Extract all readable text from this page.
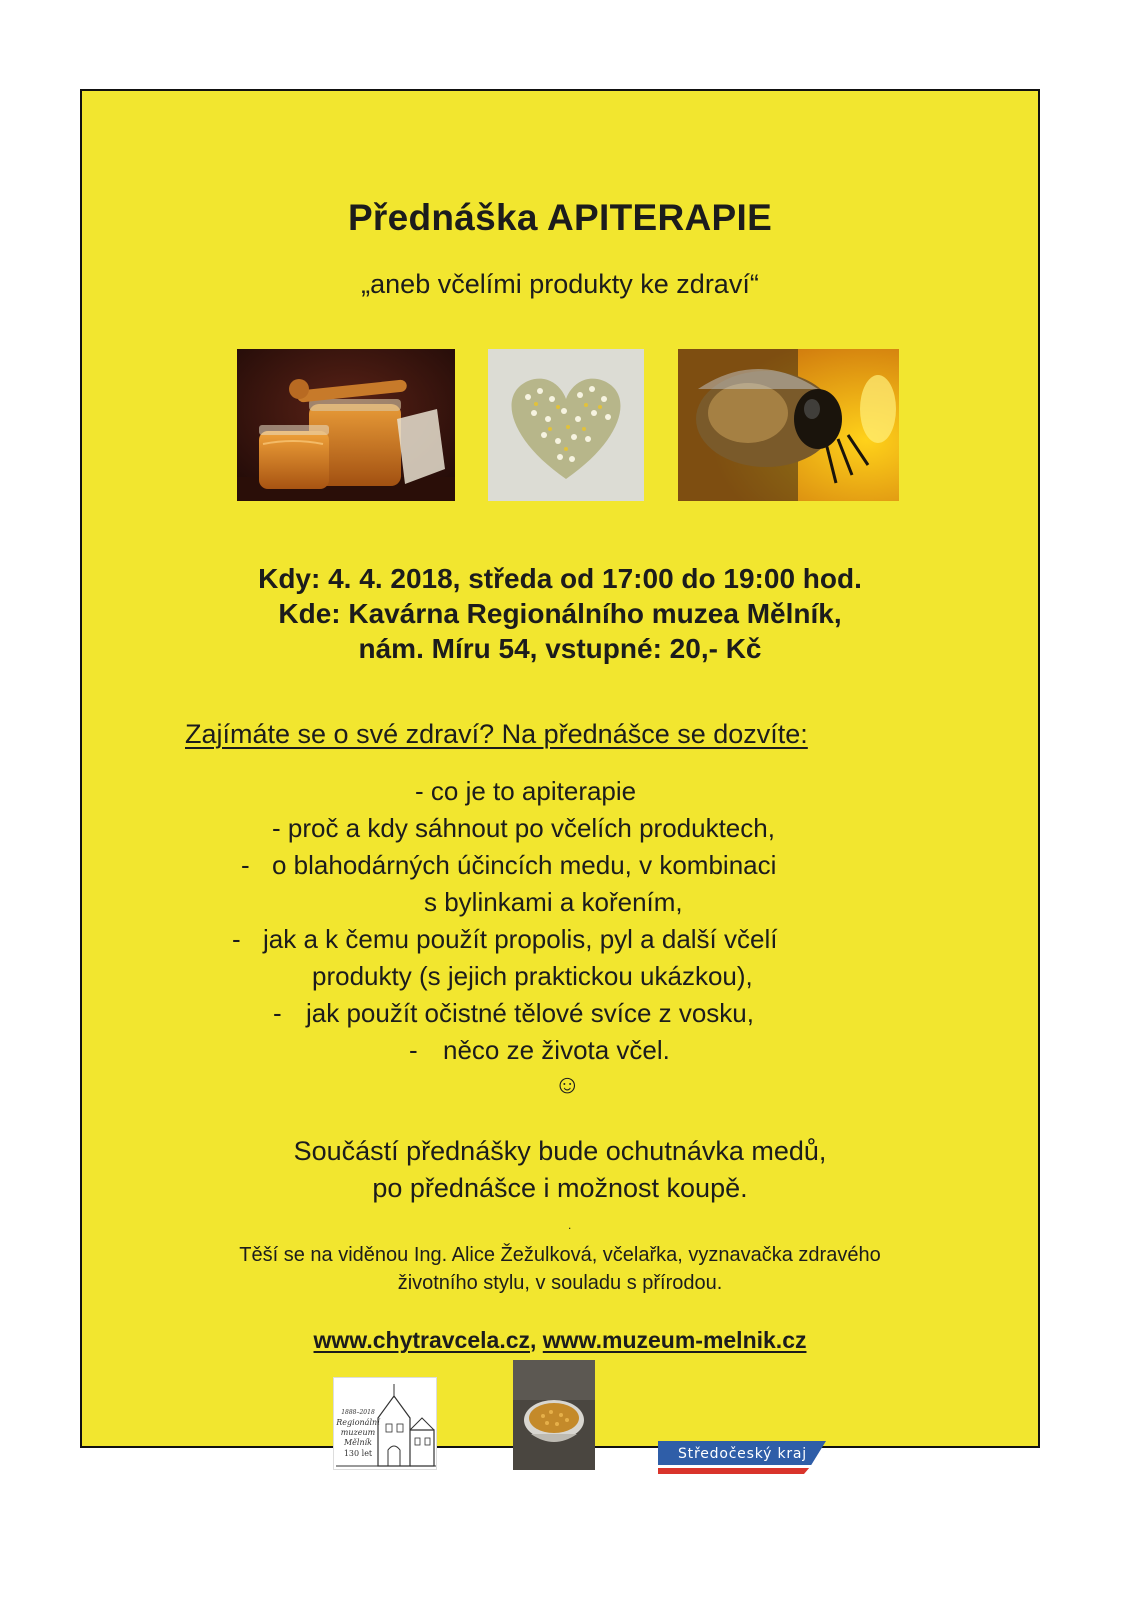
Přednáška APITERAPIE
„aneb včelími produkty ke zdraví“
Kdy: 4. 4. 2018, středa od 17:00 do 19:00 hod.
Kde: Kavárna Regionálního muzea Mělník,
nám. Míru 54, vstupné: 20,- Kč
Zajímáte se o své zdraví? Na přednášce se dozvíte:
- co je to apiterapie
- proč a kdy sáhnout po včelích produktech,
- o blahodárných účincích medu, v kombinaci
s bylinkami a kořením,
- jak a k čemu použít propolis, pyl a další včelí
produkty (s jejich praktickou ukázkou),
- jak použít očistné tělové svíce z vosku,
- něco ze života včel.
☺
Součástí přednášky bude ochutnávka medů,
po přednášce i možnost koupě.
.
Těší se na viděnou Ing. Alice Žežulková, včelařka, vyznavačka zdravého
životního stylu, v souladu s přírodou.
www.chytravcela.cz, www.muzeum-melnik.cz
1888–2018
Regionální
muzeum
Mělník
130 let	Středočeský kraj
